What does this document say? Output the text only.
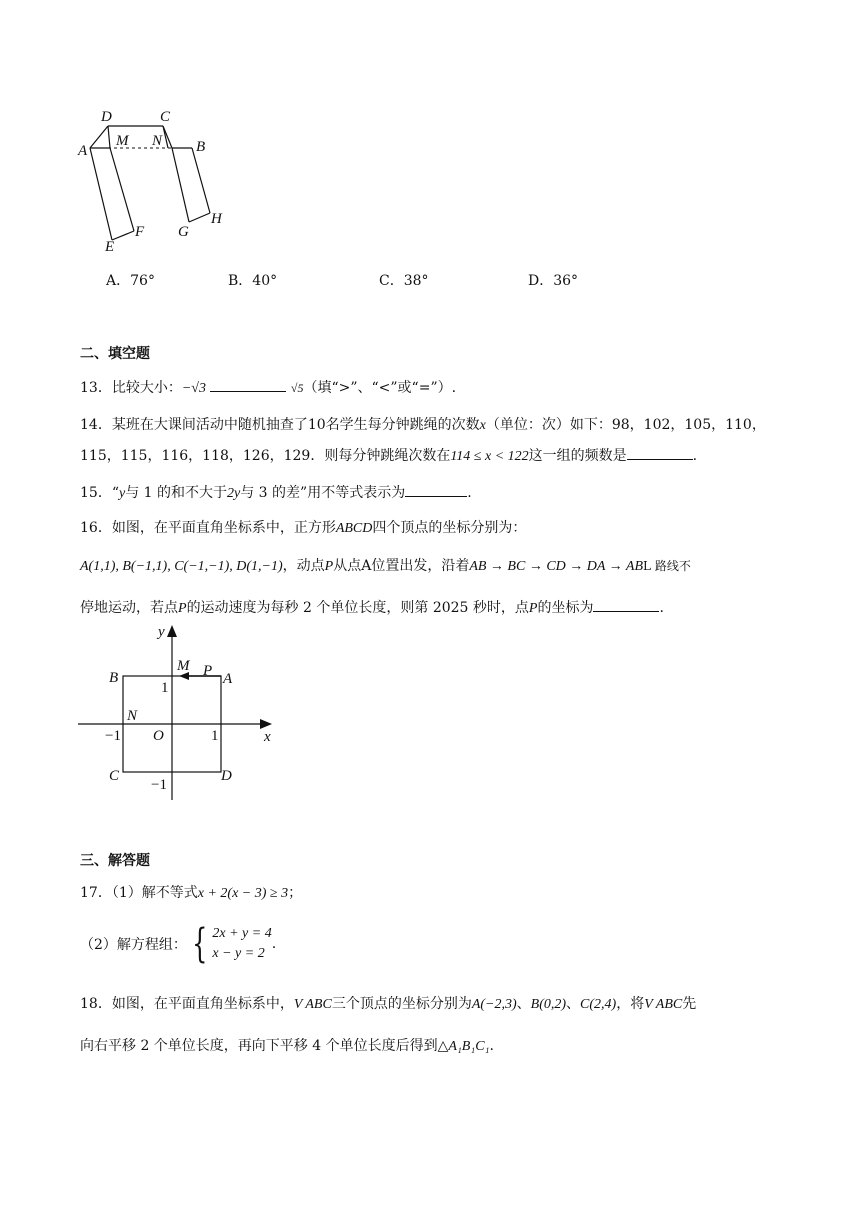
D	C
A
M N B
H
G
F
E
A．76°	B．40°	C．38°	D．36°
二、填空题
13．比较大小：−√3	√5（填“>”、“<”或“=”）.
14．某班在大课间活动中随机抽查了10名学生每分钟跳绳的次数x（单位：次）如下：98，102，105，110，
115，115，116，118，126，129．则每分钟跳绳次数在114 ≤ x < 122这一组的频数是	.
15．“y与 1 的和不大于2y与 3 的差”用不等式表示为	.
16．如图，在平面直角坐标系中，正方形ABCD四个顶点的坐标分别为：
A(1,1), B(−1,1), C(−1,−1), D(1,−1)，动点P从点A位置出发，沿着AB → BC → CD → DA → ABL 路线不
停地运动，若点P的运动速度为每秒 2 个单位长度，则第 2025 秒时，点P的坐标为	.
y
x
M P
B	A
N
O
C	D
1
−1	1
−1
三、解答题
17．（1）解不等式x + 2(x − 3) ≥ 3；
（2）解方程组： { 2x + y = 4
x − y = 2.
18．如图，在平面直角坐标系中，V ABC三个顶点的坐标分别为A(−2,3)、B(0,2)、C(2,4)，将V ABC先
向右平移 2 个单位长度，再向下平移 4 个单位长度后得到△A₁B₁C₁.
